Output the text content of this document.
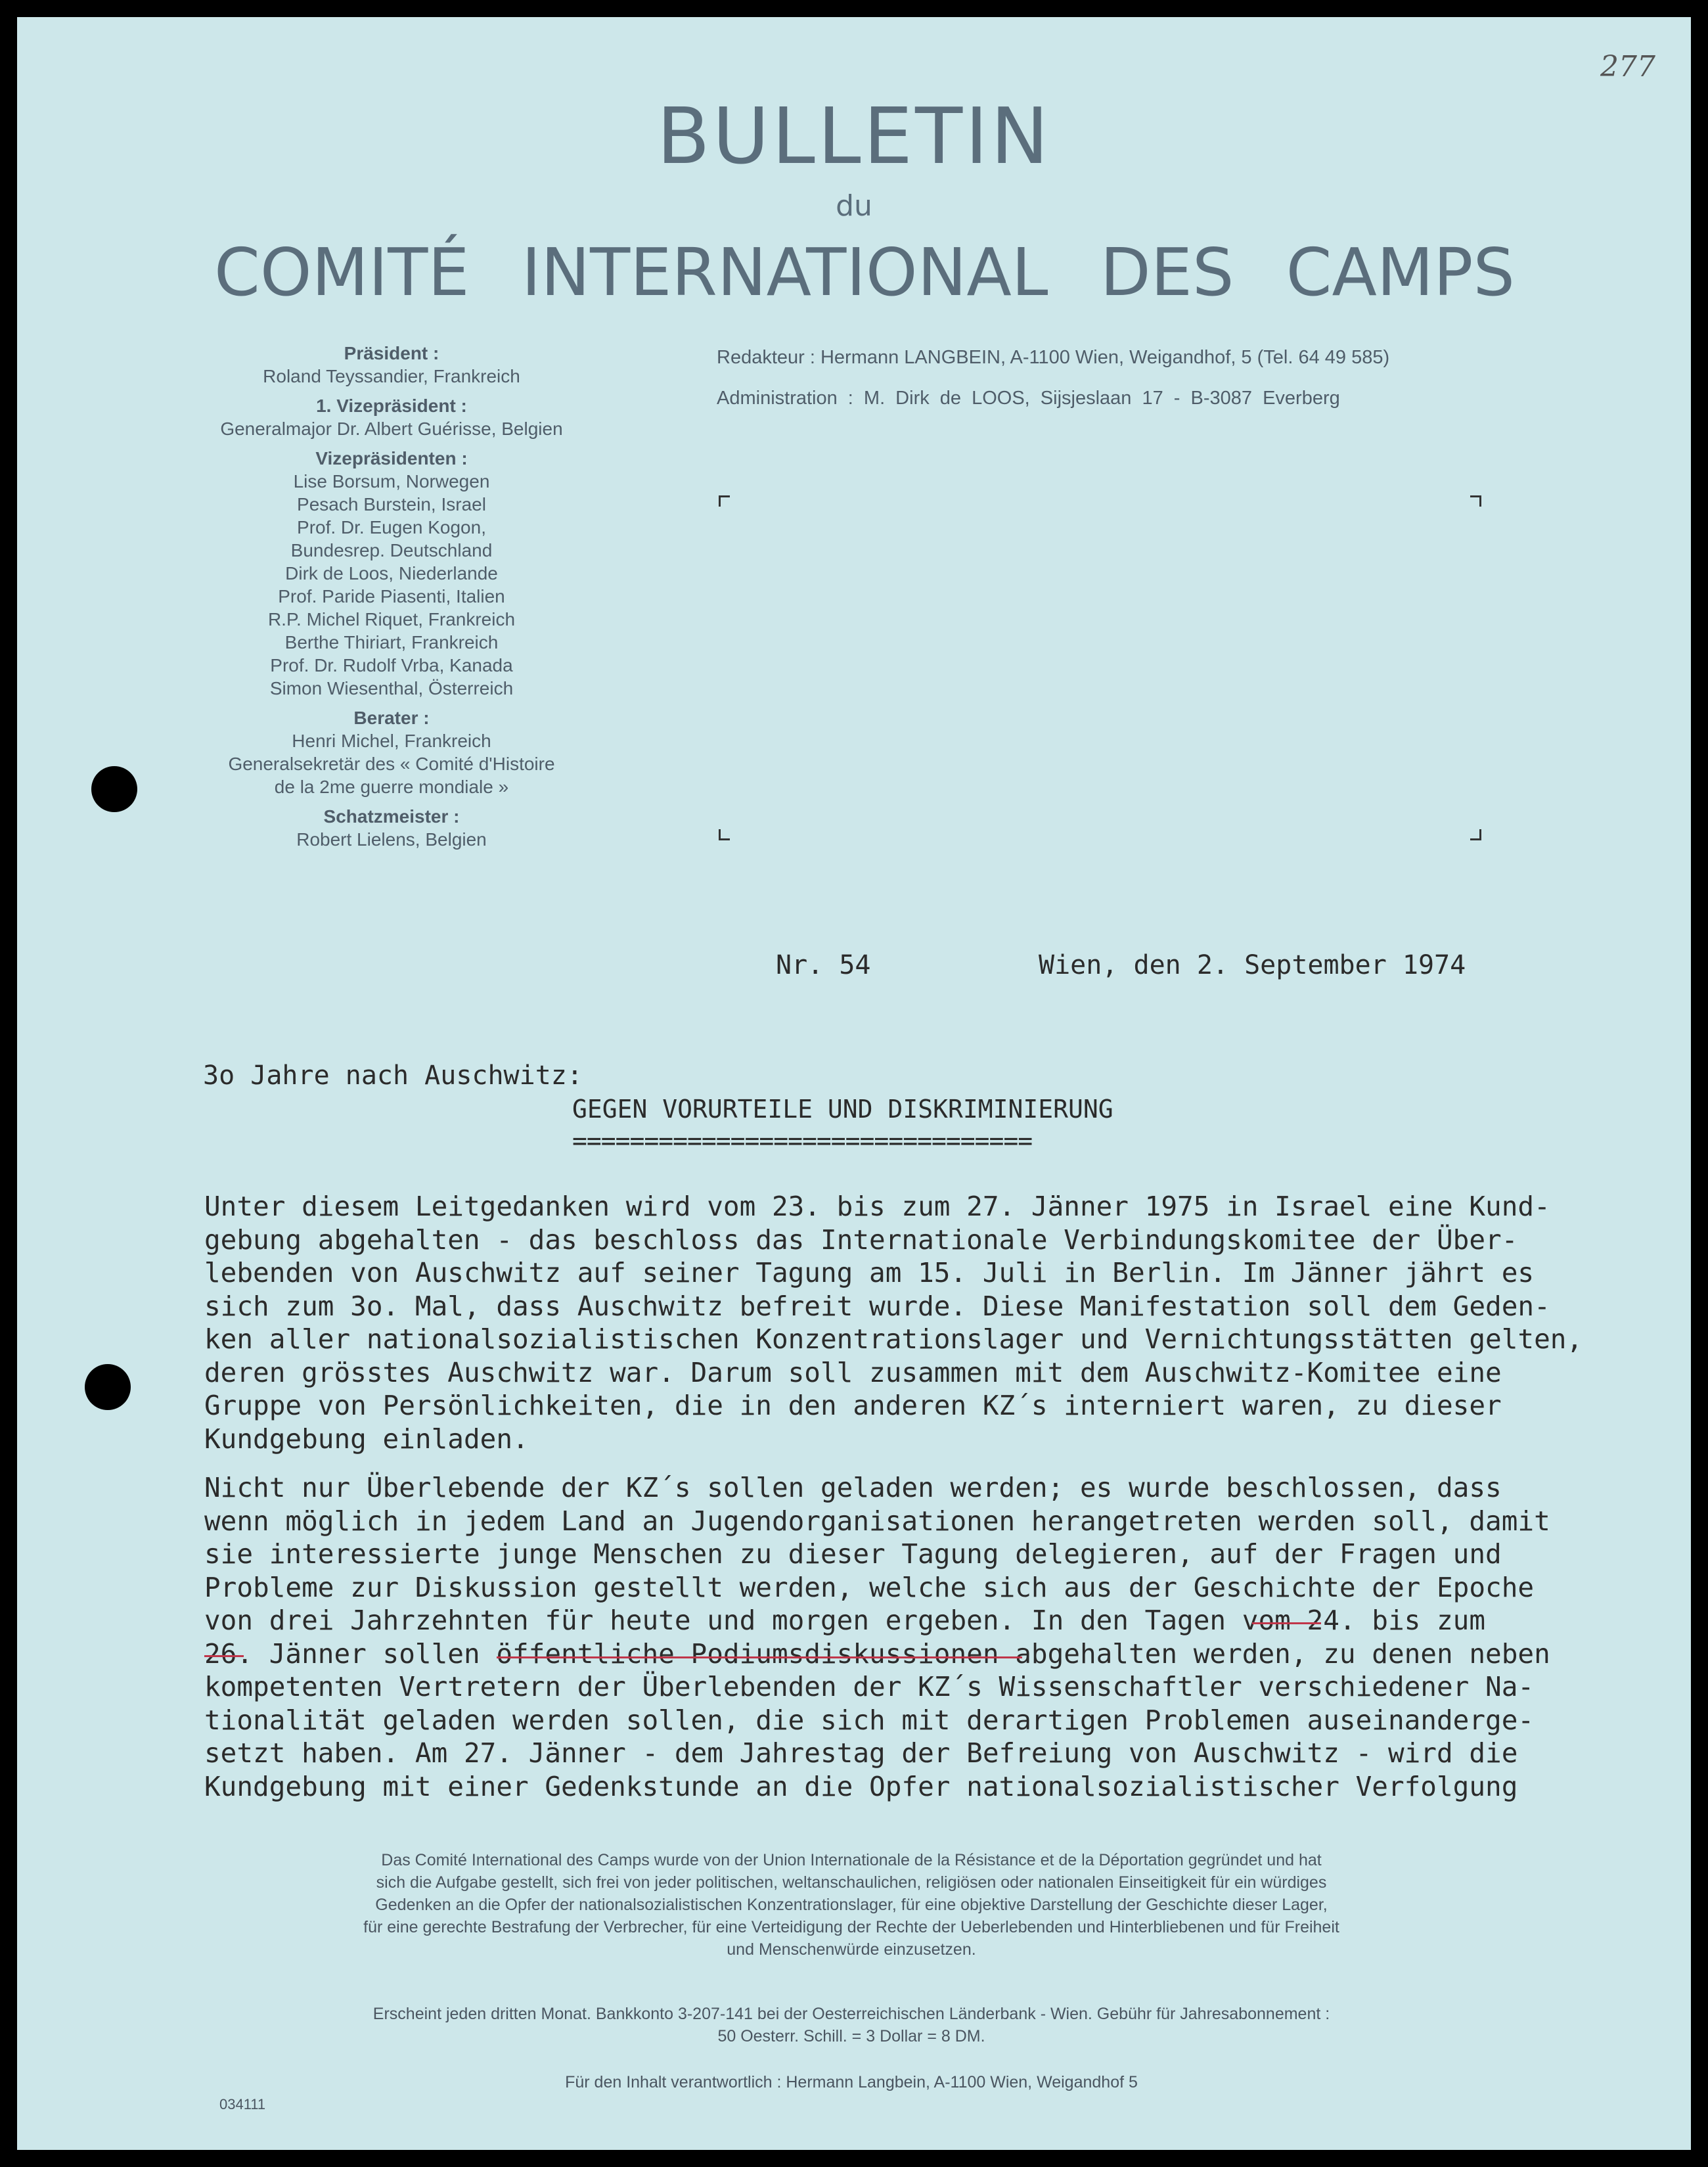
277
BULLETIN
du
COMITÉ INTERNATIONAL DES CAMPS
Präsident :
Roland Teyssandier, Frankreich
1. Vizepräsident :
Generalmajor Dr. Albert Guérisse, Belgien
Vizepräsidenten :
Lise Borsum, Norwegen
Pesach Burstein, Israel
Prof. Dr. Eugen Kogon,
Bundesrep. Deutschland
Dirk de Loos, Niederlande
Prof. Paride Piasenti, Italien
R.P. Michel Riquet, Frankreich
Berthe Thiriart, Frankreich
Prof. Dr. Rudolf Vrba, Kanada
Simon Wiesenthal, Österreich
Berater :
Henri Michel, Frankreich
Generalsekretär des « Comité d'Histoire
de la 2me guerre mondiale »
Schatzmeister :
Robert Lielens, Belgien
Redakteur : Hermann LANGBEIN, A-1100 Wien, Weigandhof, 5 (Tel. 64 49 585)
Administration : M. Dirk de LOOS, Sijsjeslaan 17 - B-3087 Everberg
Nr. 54	Wien, den 2. September 1974
3o Jahre nach Auschwitz:
GEGEN VORURTEILE UND DISKRIMINIERUNG
================================

Unter diesem Leitgedanken wird vom 23. bis zum 27. Jänner 1975 in Israel eine Kund-

gebung abgehalten - das beschloss das Internationale Verbindungskomitee der Über-

lebenden von Auschwitz auf seiner Tagung am 15. Juli in Berlin. Im Jänner jährt es

sich zum 3o. Mal, dass Auschwitz befreit wurde. Diese Manifestation soll dem Geden-

ken aller nationalsozialistischen Konzentrationslager und Vernichtungsstätten gelten,

deren grösstes Auschwitz war. Darum soll zusammen mit dem Auschwitz-Komitee eine

Gruppe von Persönlichkeiten, die in den anderen KZ´s interniert waren, zu dieser

Kundgebung einladen.

Nicht nur Überlebende der KZ´s sollen geladen werden; es wurde beschlossen, dass

wenn möglich in jedem Land an Jugendorganisationen herangetreten werden soll, damit

sie interessierte junge Menschen zu dieser Tagung delegieren, auf der Fragen und

Probleme zur Diskussion gestellt werden, welche sich aus der Geschichte der Epoche

von drei Jahrzehnten für heute und morgen ergeben. In den Tagen vom 24. bis zum

26. Jänner sollen öffentliche Podiumsdiskussionen abgehalten werden, zu denen neben

kompetenten Vertretern der Überlebenden der KZ´s Wissenschaftler verschiedener Na-

tionalität geladen werden sollen, die sich mit derartigen Problemen auseinanderge-

setzt haben. Am 27. Jänner - dem Jahrestag der Befreiung von Auschwitz - wird die

Kundgebung mit einer Gedenkstunde an die Opfer nationalsozialistischer Verfolgung

Das Comité International des Camps wurde von der Union Internationale de la Résistance et de la Déportation gegründet und hat
sich die Aufgabe gestellt, sich frei von jeder politischen, weltanschaulichen, religiösen oder nationalen Einseitigkeit für ein würdiges
Gedenken an die Opfer der nationalsozialistischen Konzentrationslager, für eine objektive Darstellung der Geschichte dieser Lager,
für eine gerechte Bestrafung der Verbrecher, für eine Verteidigung der Rechte der Ueberlebenden und Hinterbliebenen und für Freiheit
und Menschenwürde einzusetzen.
Erscheint jeden dritten Monat. Bankkonto 3-207-141 bei der Oesterreichischen Länderbank - Wien. Gebühr für Jahresabonnement :
50 Oesterr. Schill. = 3 Dollar = 8 DM.
Für den Inhalt verantwortlich : Hermann Langbein, A-1100 Wien, Weigandhof 5
034111
